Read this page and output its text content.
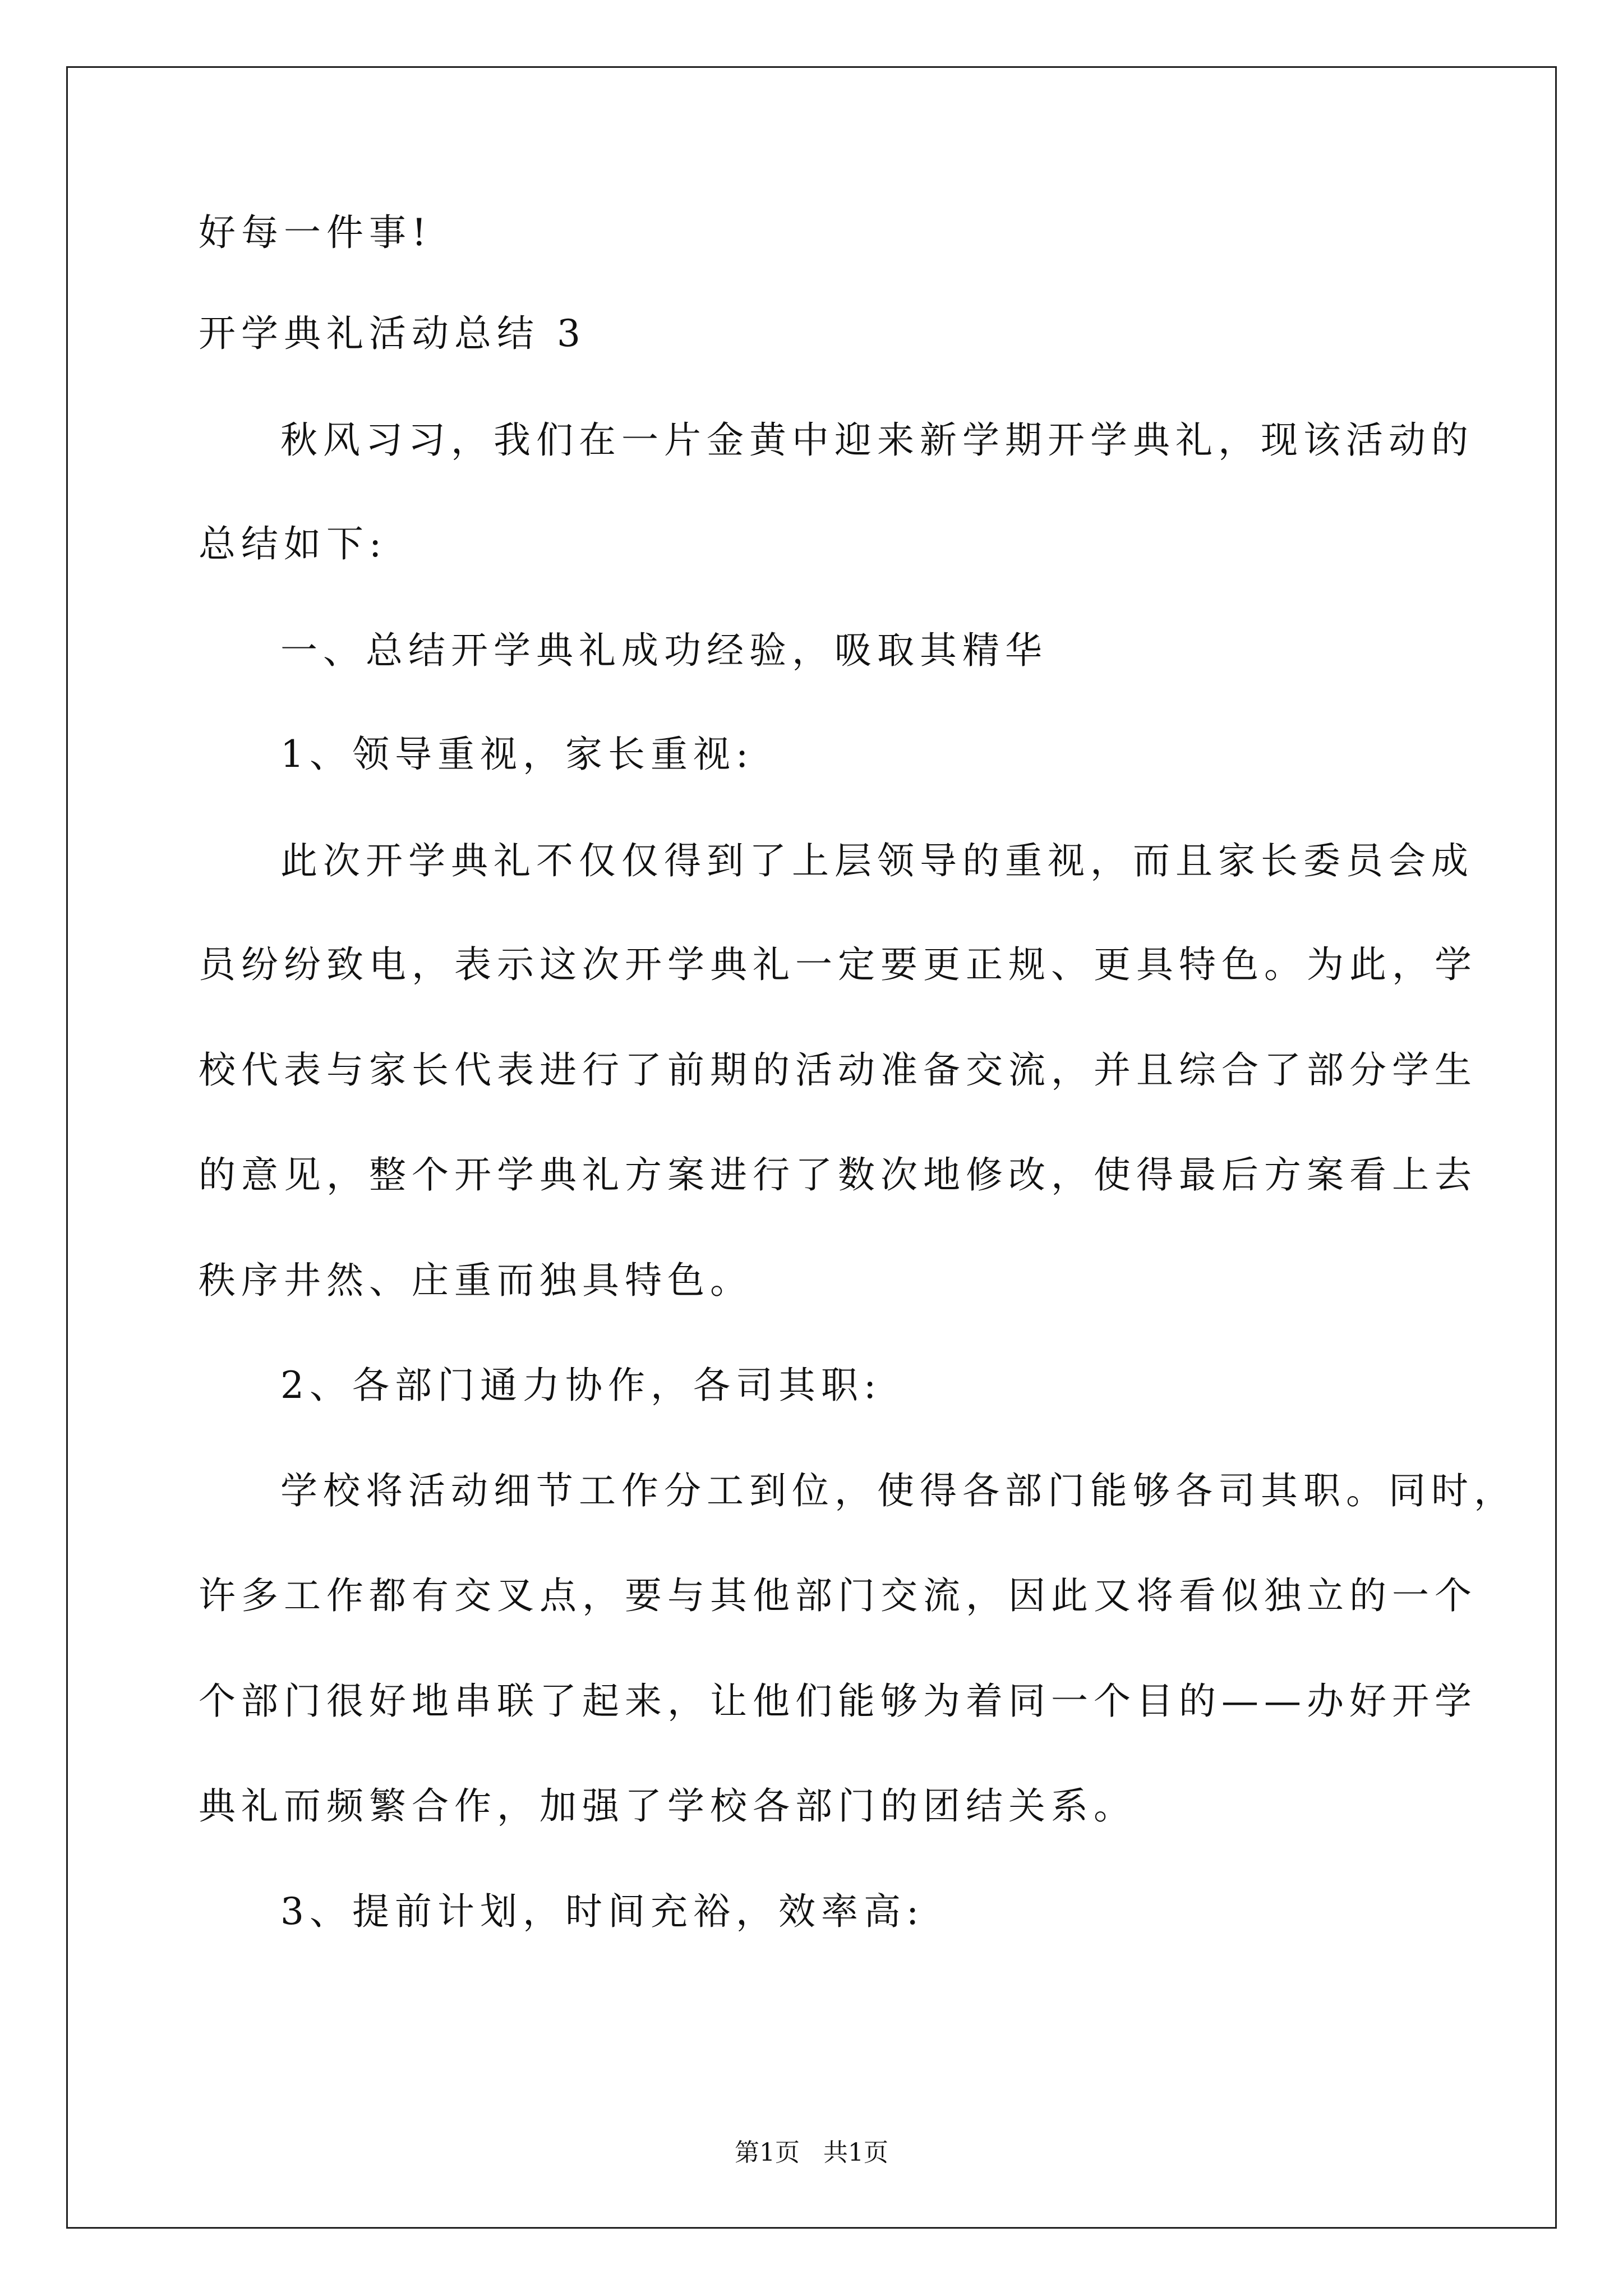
好每一件事!
开学典礼活动总结 3
秋风习习，我们在一片金黄中迎来新学期开学典礼，现该活动的
总结如下:
一、总结开学典礼成功经验，吸取其精华
1、领导重视，家长重视:
此次开学典礼不仅仅得到了上层领导的重视，而且家长委员会成
员纷纷致电，表示这次开学典礼一定要更正规、更具特色。为此，学
校代表与家长代表进行了前期的活动准备交流，并且综合了部分学生
的意见，整个开学典礼方案进行了数次地修改，使得最后方案看上去
秩序井然、庄重而独具特色。
2、各部门通力协作，各司其职:
学校将活动细节工作分工到位，使得各部门能够各司其职。同时，
许多工作都有交叉点，要与其他部门交流，因此又将看似独立的一个
个部门很好地串联了起来，让他们能够为着同一个目的——办好开学
典礼而频繁合作，加强了学校各部门的团结关系。
3、提前计划，时间充裕，效率高:
第1页   共1页
